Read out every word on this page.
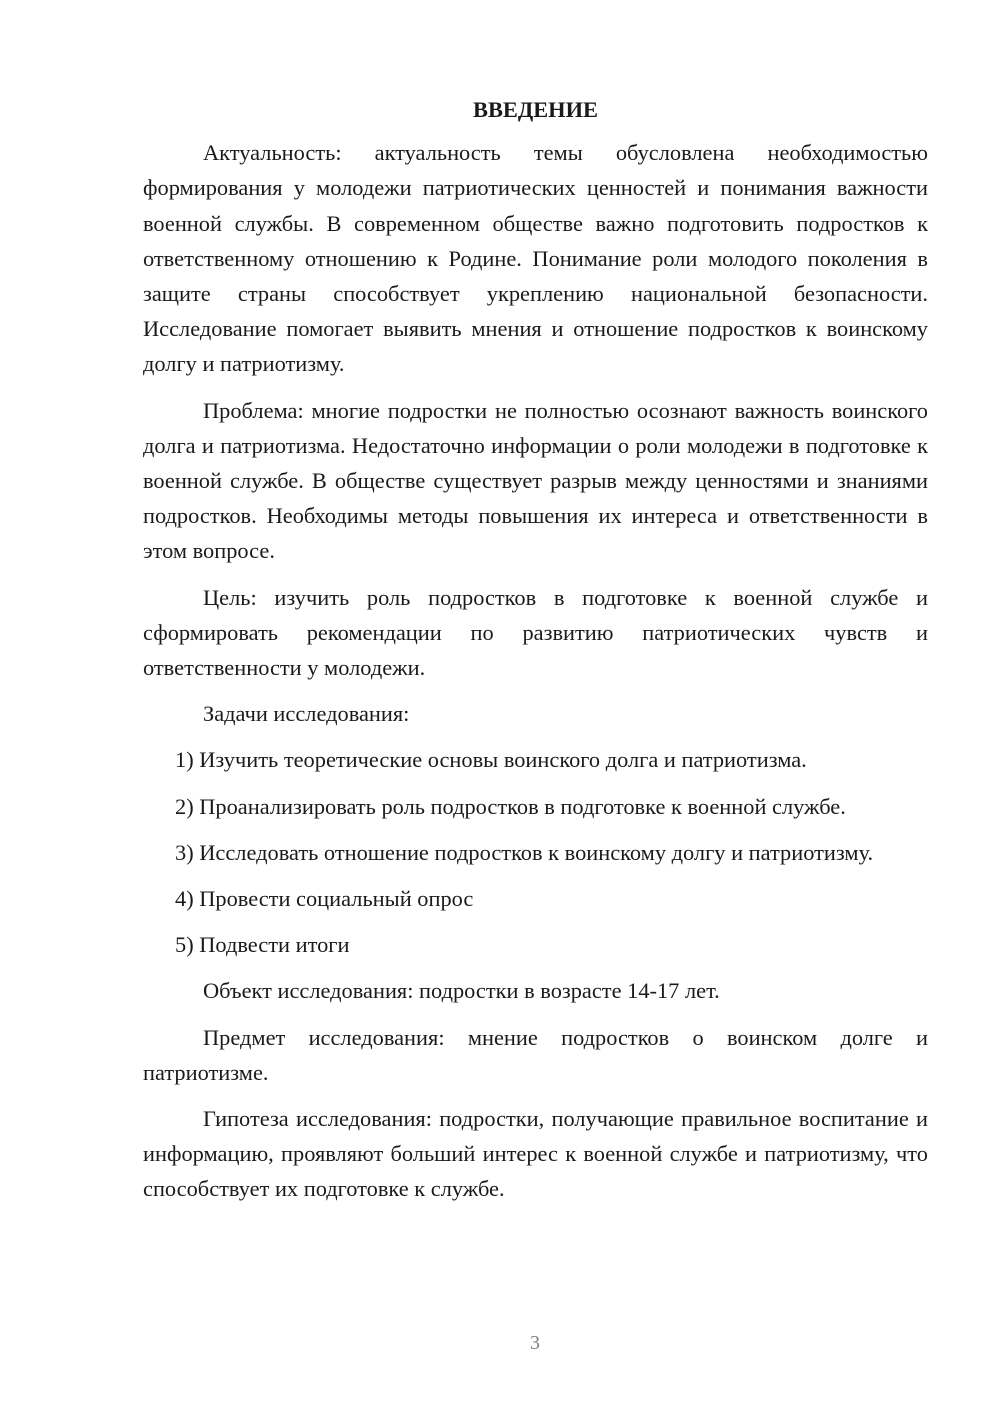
ВВЕДЕНИЕ

Актуальность: актуальность темы обусловлена необходимостью формирования у молодежи патриотических ценностей и понимания важности военной службы. В современном обществе важно подготовить подростков к ответственному отношению к Родине. Понимание роли молодого поколения в защите страны способствует укреплению национальной безопасности. Исследование помогает выявить мнения и отношение подростков к воинскому долгу и патриотизму.

Проблема: многие подростки не полностью осознают важность воинского долга и патриотизма. Недостаточно информации о роли молодежи в подготовке к военной службе. В обществе существует разрыв между ценностями и знаниями подростков. Необходимы методы повышения их интереса и ответственности в этом вопросе.

Цель: изучить роль подростков в подготовке к военной службе и сформировать рекомендации по развитию патриотических чувств и ответственности у молодежи.

Задачи исследования:

1) Изучить теоретические основы воинского долга и патриотизма.

2) Проанализировать роль подростков в подготовке к военной службе.

3) Исследовать отношение подростков к воинскому долгу и патриотизму.

4) Провести социальный опрос

5) Подвести итоги

Объект исследования: подростки в возрасте 14-17 лет.

Предмет исследования: мнение подростков о воинском долге и патриотизме.

Гипотеза исследования: подростки, получающие правильное воспитание и информацию, проявляют больший интерес к военной службе и патриотизму, что способствует их подготовке к службе.

3
